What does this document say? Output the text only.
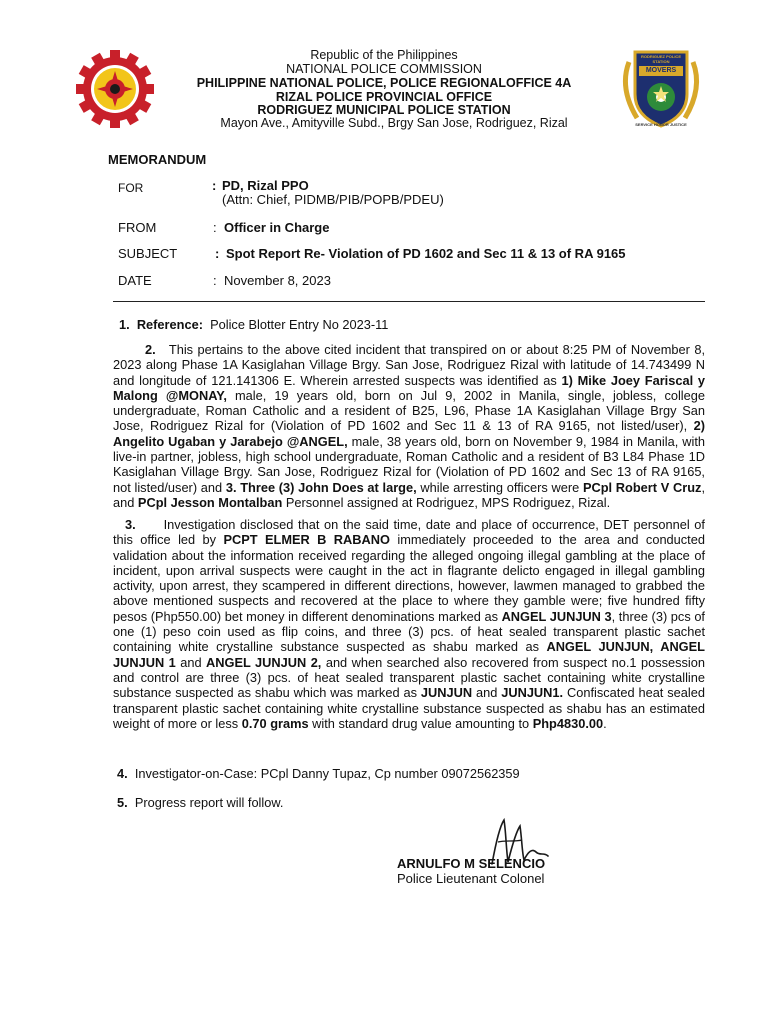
RODRIGUEZ POLICE STATION
MOVERS
SERVICE HONOR JUSTICE
Republic of the Philippines
NATIONAL POLICE COMMISSION
PHILIPPINE NATIONAL POLICE, POLICE REGIONALOFFICE 4A
RIZAL POLICE PROVINCIAL OFFICE
RODRIGUEZ MUNICIPAL POLICE STATION
Mayon Ave., Amityville Subd., Brgy San Jose, Rodriguez, Rizal
MEMORANDUM
FOR	: PD, Rizal PPO
(Attn: Chief, PIDMB/PIB/POPB/PDEU)
FROM	: Officer in Charge
SUBJECT	: Spot Report Re- Violation of PD 1602 and Sec 11 & 13 of RA 9165
DATE	: November 8, 2023

1. Reference: Police Blotter Entry No 2023-11

2. This pertains to the above cited incident that transpired on or about 8:25 PM of November 8, 2023 along Phase 1A Kasiglahan Village Brgy. San Jose, Rodriguez Rizal with latitude of 14.743499 N and longitude of 121.141306 E. Wherein arrested suspects was identified as 1) Mike Joey Fariscal y Malong @MONAY, male, 19 years old, born on Jul 9, 2002 in Manila, single, jobless, college undergraduate, Roman Catholic and a resident of B25, L96, Phase 1A Kasiglahan Village Brgy San Jose, Rodriguez Rizal for (Violation of PD 1602 and Sec 11 & 13 of RA 9165, not listed/user), 2) Angelito Ugaban y Jarabejo @ANGEL, male, 38 years old, born on November 9, 1984 in Manila, with live-in partner, jobless, high school undergraduate, Roman Catholic and a resident of B3 L84 Phase 1D Kasiglahan Village Brgy. San Jose, Rodriguez Rizal for (Violation of PD 1602 and Sec 13 of RA 9165, not listed/user) and 3. Three (3) John Does at large, while arresting officers were PCpl Robert V Cruz, and PCpl Jesson Montalban Personnel assigned at Rodriguez, MPS Rodriguez, Rizal.

3. Investigation disclosed that on the said time, date and place of occurrence, DET personnel of this office led by PCPT ELMER B RABANO immediately proceeded to the area and conducted validation about the information received regarding the alleged ongoing illegal gambling at the place of incident, upon arrival suspects were caught in the act in flagrante delicto engaged in illegal gambling activity, upon arrest, they scampered in different directions, however, lawmen managed to grabbed the above mentioned suspects and recovered at the place to where they gamble were; five hundred fifty pesos (Php550.00) bet money in different denominations marked as ANGEL JUNJUN 3, three (3) pcs of one (1) peso coin used as flip coins, and three (3) pcs. of heat sealed transparent plastic sachet containing white crystalline substance suspected as shabu marked as ANGEL JUNJUN, ANGEL JUNJUN 1 and ANGEL JUNJUN 2, and when searched also recovered from suspect no.1 possession and control are three (3) pcs. of heat sealed transparent plastic sachet containing white crystalline substance suspected as shabu which was marked as JUNJUN and JUNJUN1. Confiscated heat sealed transparent plastic sachet containing white crystalline substance suspected as shabu has an estimated weight of more or less 0.70 grams with standard drug value amounting to Php4830.00.

4. Investigator-on-Case: PCpl Danny Tupaz, Cp number 09072562359

5. Progress report will follow.

ARNULFO M SELENCIO
Police Lieutenant Colonel
